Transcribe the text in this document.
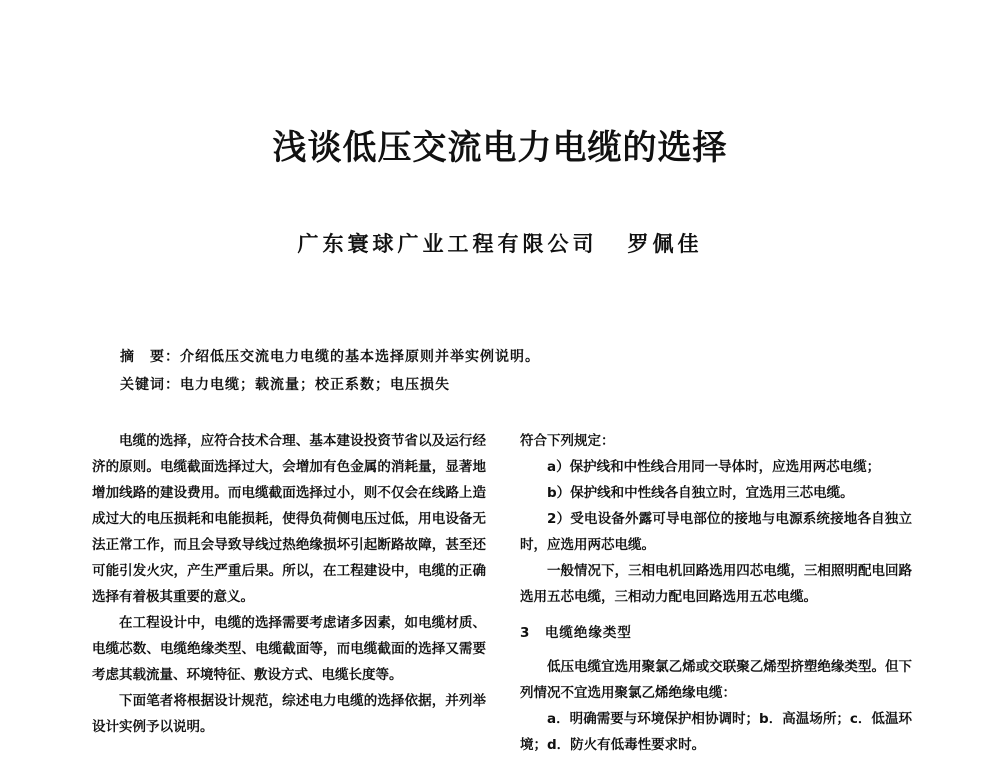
浅谈低压交流电力电缆的选择
广东寰球广业工程有限公司 罗佩佳
摘　要：介绍低压交流电力电缆的基本选择原则并举实例说明。
关键词：电力电缆；载流量；校正系数；电压损失

电缆的选择，应符合技术合理、基本建设投资节省以及运行经济的原则。电缆截面选择过大，会增加有色金属的消耗量，显著地增加线路的建设费用。而电缆截面选择过小，则不仅会在线路上造成过大的电压损耗和电能损耗，使得负荷侧电压过低，用电设备无法正常工作，而且会导致导线过热绝缘损坏引起断路故障，甚至还可能引发火灾，产生严重后果。所以，在工程建设中，电缆的正确选择有着极其重要的意义。

在工程设计中，电缆的选择需要考虑诸多因素，如电缆材质、电缆芯数、电缆绝缘类型、电缆截面等，而电缆截面的选择又需要考虑其载流量、环境特征、敷设方式、电缆长度等。

下面笔者将根据设计规范，综述电力电缆的选择依据，并列举设计实例予以说明。

符合下列规定：

a）保护线和中性线合用同一导体时，应选用两芯电缆；

b）保护线和中性线各自独立时，宜选用三芯电缆。

2）受电设备外露可导电部位的接地与电源系统接地各自独立时，应选用两芯电缆。

一般情况下，三相电机回路选用四芯电缆，三相照明配电回路选用五芯电缆，三相动力配电回路选用五芯电缆。

3　电缆绝缘类型

低压电缆宜选用聚氯乙烯或交联聚乙烯型挤塑绝缘类型。但下列情况不宜选用聚氯乙烯绝缘电缆：

a．明确需要与环境保护相协调时；b．高温场所；c．低温环境；d．防火有低毒性要求时。
